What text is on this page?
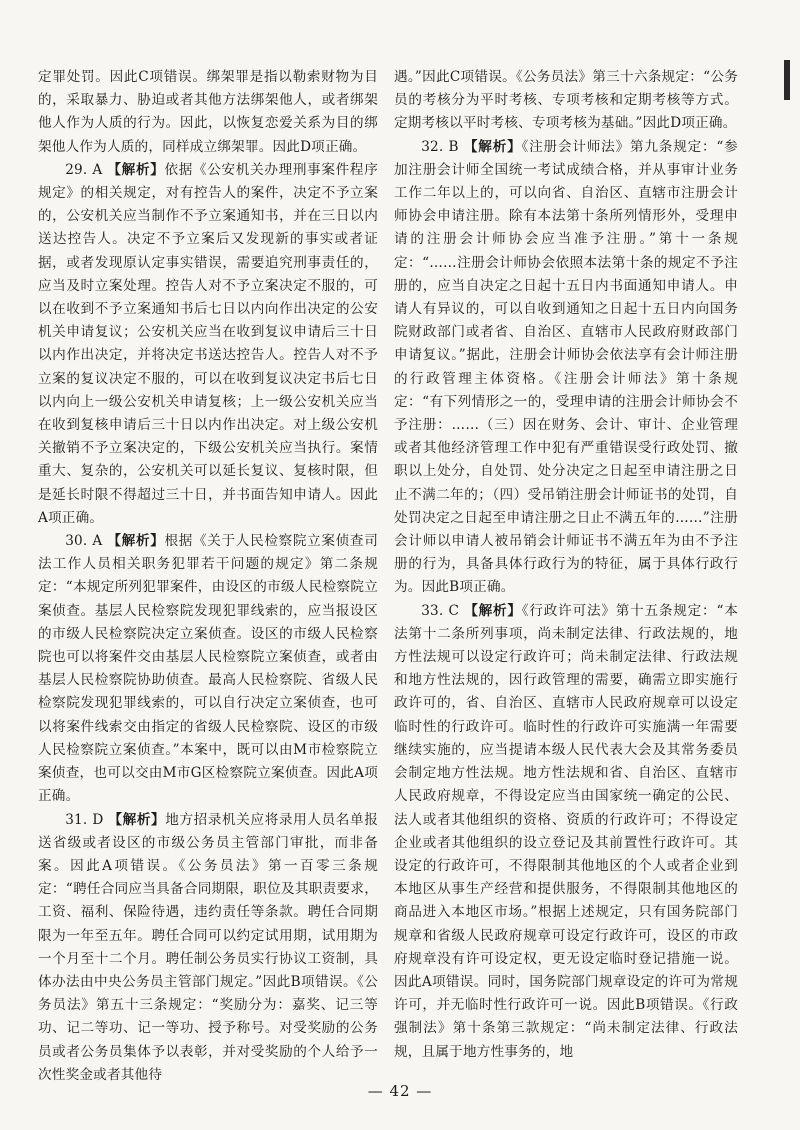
定罪处罚。因此C项错误。绑架罪是指以勒索财物为目的，采取暴力、胁迫或者其他方法绑架他人，或者绑架他人作为人质的行为。因此，以恢复恋爱关系为目的绑架他人作为人质的，同样成立绑架罪。因此D项正确。

29. A 【解析】依据《公安机关办理刑事案件程序规定》的相关规定，对有控告人的案件，决定不予立案的，公安机关应当制作不予立案通知书，并在三日以内送达控告人。决定不予立案后又发现新的事实或者证据，或者发现原认定事实错误，需要追究刑事责任的，应当及时立案处理。控告人对不予立案决定不服的，可以在收到不予立案通知书后七日以内向作出决定的公安机关申请复议；公安机关应当在收到复议申请后三十日以内作出决定，并将决定书送达控告人。控告人对不予立案的复议决定不服的，可以在收到复议决定书后七日以内向上一级公安机关申请复核；上一级公安机关应当在收到复核申请后三十日以内作出决定。对上级公安机关撤销不予立案决定的，下级公安机关应当执行。案情重大、复杂的，公安机关可以延长复议、复核时限，但是延长时限不得超过三十日，并书面告知申请人。因此A项正确。

30. A 【解析】根据《关于人民检察院立案侦查司法工作人员相关职务犯罪若干问题的规定》第二条规定：“本规定所列犯罪案件，由设区的市级人民检察院立案侦查。基层人民检察院发现犯罪线索的，应当报设区的市级人民检察院决定立案侦查。设区的市级人民检察院也可以将案件交由基层人民检察院立案侦查，或者由基层人民检察院协助侦查。最高人民检察院、省级人民检察院发现犯罪线索的，可以自行决定立案侦查，也可以将案件线索交由指定的省级人民检察院、设区的市级人民检察院立案侦查。”本案中，既可以由M市检察院立案侦查，也可以交由M市G区检察院立案侦查。因此A项正确。

31. D 【解析】地方招录机关应将录用人员名单报送省级或者设区的市级公务员主管部门审批，而非备案。因此A项错误。《公务员法》第一百零三条规定：“聘任合同应当具备合同期限，职位及其职责要求，工资、福利、保险待遇，违约责任等条款。聘任合同期限为一年至五年。聘任合同可以约定试用期，试用期为一个月至十二个月。聘任制公务员实行协议工资制，具体办法由中央公务员主管部门规定。”因此B项错误。《公务员法》第五十三条规定：“奖励分为：嘉奖、记三等功、记二等功、记一等功、授予称号。对受奖励的公务员或者公务员集体予以表彰，并对受奖励的个人给予一次性奖金或者其他待

遇。”因此C项错误。《公务员法》第三十六条规定：“公务员的考核分为平时考核、专项考核和定期考核等方式。定期考核以平时考核、专项考核为基础。”因此D项正确。

32. B 【解析】《注册会计师法》第九条规定：“参加注册会计师全国统一考试成绩合格，并从事审计业务工作二年以上的，可以向省、自治区、直辖市注册会计师协会申请注册。除有本法第十条所列情形外，受理申请的注册会计师协会应当准予注册。”第十一条规定：“……注册会计师协会依照本法第十条的规定不予注册的，应当自决定之日起十五日内书面通知申请人。申请人有异议的，可以自收到通知之日起十五日内向国务院财政部门或者省、自治区、直辖市人民政府财政部门申请复议。”据此，注册会计师协会依法享有会计师注册的行政管理主体资格。《注册会计师法》第十条规定：“有下列情形之一的，受理申请的注册会计师协会不予注册：……（三）因在财务、会计、审计、企业管理或者其他经济管理工作中犯有严重错误受行政处罚、撤职以上处分，自处罚、处分决定之日起至申请注册之日止不满二年的；（四）受吊销注册会计师证书的处罚，自处罚决定之日起至申请注册之日止不满五年的……”注册会计师以申请人被吊销会计师证书不满五年为由不予注册的行为，具备具体行政行为的特征，属于具体行政行为。因此B项正确。

33. C 【解析】《行政许可法》第十五条规定：“本法第十二条所列事项，尚未制定法律、行政法规的，地方性法规可以设定行政许可；尚未制定法律、行政法规和地方性法规的，因行政管理的需要，确需立即实施行政许可的，省、自治区、直辖市人民政府规章可以设定临时性的行政许可。临时性的行政许可实施满一年需要继续实施的，应当提请本级人民代表大会及其常务委员会制定地方性法规。地方性法规和省、自治区、直辖市人民政府规章，不得设定应当由国家统一确定的公民、法人或者其他组织的资格、资质的行政许可；不得设定企业或者其他组织的设立登记及其前置性行政许可。其设定的行政许可，不得限制其他地区的个人或者企业到本地区从事生产经营和提供服务，不得限制其他地区的商品进入本地区市场。”根据上述规定，只有国务院部门规章和省级人民政府规章可设定行政许可，设区的市政府规章没有许可设定权，更无设定临时登记措施一说。因此A项错误。同时，国务院部门规章设定的许可为常规许可，并无临时性行政许可一说。因此B项错误。《行政强制法》第十条第三款规定：“尚未制定法律、行政法规，且属于地方性事务的，地

— 42 —
